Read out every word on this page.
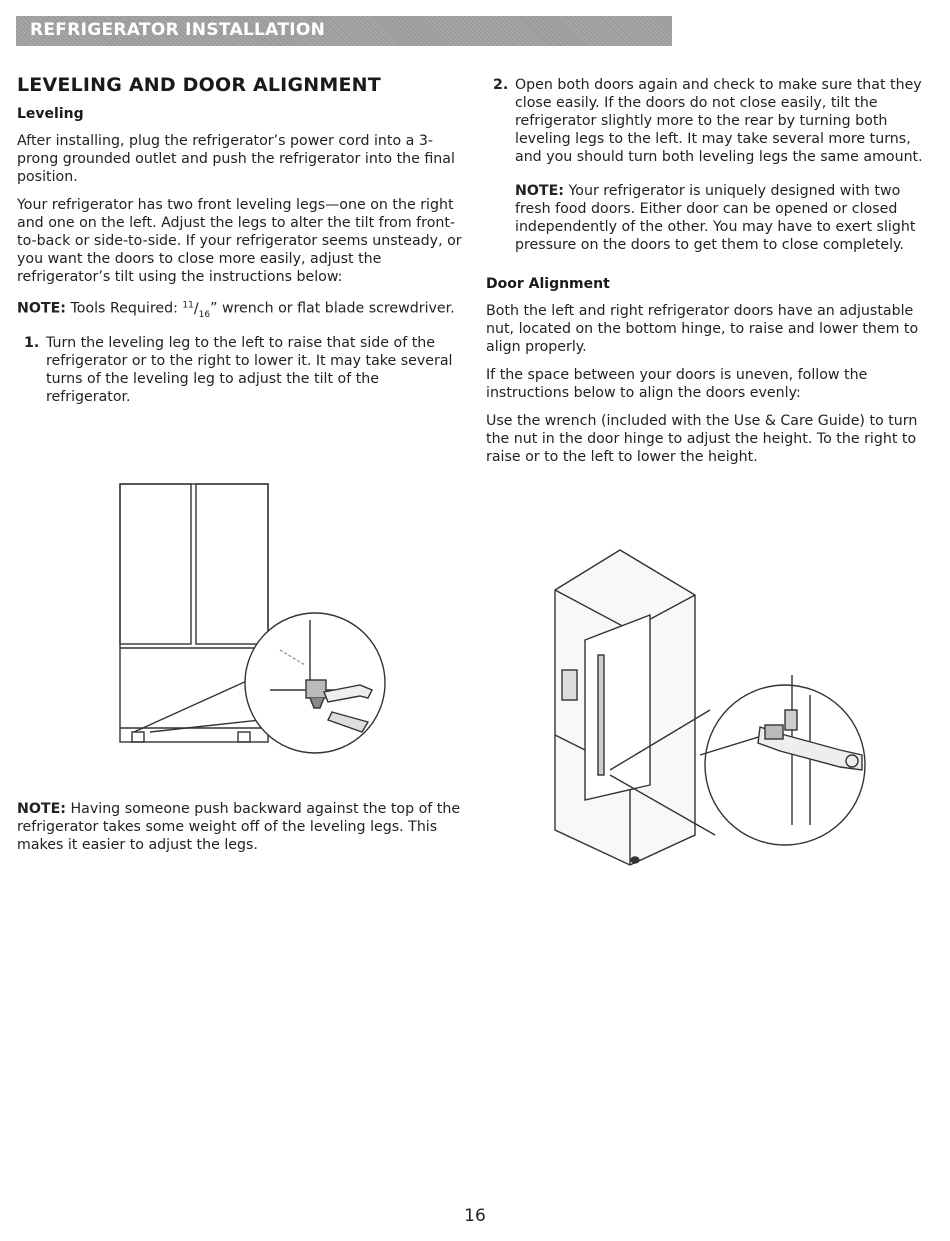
REFRIGERATOR INSTALLATION
LEVELING AND DOOR ALIGNMENT
Leveling

After installing, plug the refrigerator’s power cord into a 3-prong grounded outlet and push the refrigerator into the final position.

Your refrigerator has two front leveling legs—one on the right and one on the left. Adjust the legs to alter the tilt from front-to-back or side-to-side. If your refrigerator seems unsteady, or you want the doors to close more easily, adjust the refrigerator’s tilt using the instructions below:

NOTE: Tools Required: $^{11}/_{16}$” wrench or flat blade screwdriver.

1. Turn the leveling leg to the left to raise that side of the refrigerator or to the right to lower it. It may take several turns of the leveling leg to adjust the tilt of the refrigerator.

NOTE: Having someone push backward against the top of the refrigerator takes some weight off of the leveling legs. This makes it easier to adjust the legs.

2. Open both doors again and check to make sure that they close easily. If the doors do not close easily, tilt the refrigerator slightly more to the rear by turning both leveling legs to the left. It may take several more turns, and you should turn both leveling legs the same amount.

NOTE: Your refrigerator is uniquely designed with two fresh food doors. Either door can be opened or closed independently of the other. You may have to exert slight pressure on the doors to get them to close completely.

Door Alignment

Both the left and right refrigerator doors have an adjustable nut, located on the bottom hinge, to raise and lower them to align properly.

If the space between your doors is uneven, follow the instructions below to align the doors evenly:

Use the wrench (included with the Use & Care Guide) to turn the nut in the door hinge to adjust the height. To the right to raise or to the left to lower the height.

16
